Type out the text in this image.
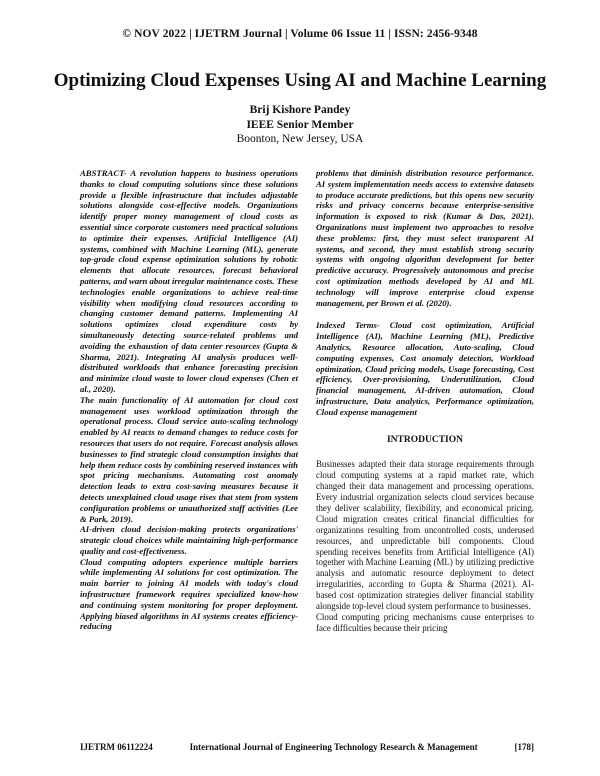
© NOV 2022 | IJETRM Journal | Volume 06 Issue 11 | ISSN: 2456-9348
Optimizing Cloud Expenses Using AI and Machine Learning
Brij Kishore Pandey
IEEE Senior Member
Boonton, New Jersey, USA

ABSTRACT- A revolution happens to business operations thanks to cloud computing solutions since these solutions provide a flexible infrastructure that includes adjustable solutions alongside cost-effective models. Organizations identify proper money management of cloud costs as essential since corporate customers need practical solutions to optimize their expenses. Artificial Intelligence (AI) systems, combined with Machine Learning (ML), generate top-grade cloud expense optimization solutions by robotic elements that allocate resources, forecast behavioral patterns, and warn about irregular maintenance costs. These technologies enable organizations to achieve real-time visibility when modifying cloud resources according to changing customer demand patterns. Implementing AI solutions optimizes cloud expenditure costs by simultaneously detecting source-related problems and avoiding the exhaustion of data center resources (Gupta & Sharma, 2021). Integrating AI analysis produces well-distributed workloads that enhance forecasting precision and minimize cloud waste to lower cloud expenses (Chen et al., 2020).

The main functionality of AI automation for cloud cost management uses workload optimization through the operational process. Cloud service auto-scaling technology enabled by AI reacts to demand changes to reduce costs for resources that users do not require. Forecast analysis allows businesses to find strategic cloud consumption insights that help them reduce costs by combining reserved instances with spot pricing mechanisms. Automating cost anomaly detection leads to extra cost-saving measures because it detects unexplained cloud usage rises that stem from system configuration problems or unauthorized staff activities (Lee & Park, 2019).

AI-driven cloud decision-making protects organizations' strategic cloud choices while maintaining high-performance quality and cost-effectiveness.

Cloud computing adopters experience multiple barriers while implementing AI solutions for cost optimization. The main barrier to joining AI models with today's cloud infrastructure framework requires specialized know-how and continuing system monitoring for proper deployment. Applying biased algorithms in AI systems creates efficiency-reducing

problems that diminish distribution resource performance. AI system implementation needs access to extensive datasets to produce accurate predictions, but this opens new security risks and privacy concerns because enterprise-sensitive information is exposed to risk (Kumar & Das, 2021). Organizations must implement two approaches to resolve these problems: first, they must select transparent AI systems, and second, they must establish strong security systems with ongoing algorithm development for better predictive accuracy. Progressively autonomous and precise cost optimization methods developed by AI and ML technology will improve enterprise cloud expense management, per Brown et al. (2020).

Indexed Terms- Cloud cost optimization, Artificial Intelligence (AI), Machine Learning (ML), Predictive Analytics, Resource allocation, Auto-scaling, Cloud computing expenses, Cost anomaly detection, Workload optimization, Cloud pricing models, Usage forecasting, Cost efficiency, Over-provisioning, Underutilization, Cloud financial management, AI-driven automation, Cloud infrastructure, Data analytics, Performance optimization, Cloud expense management

INTRODUCTION

Businesses adapted their data storage requirements through cloud computing systems at a rapid market rate, which changed their data management and processing operations. Every industrial organization selects cloud services because they deliver scalability, flexibility, and economical pricing. Cloud migration creates critical financial difficulties for organizations resulting from uncontrolled costs, underused resources, and unpredictable bill components. Cloud spending receives benefits from Artificial Intelligence (AI) together with Machine Learning (ML) by utilizing predictive analysis and automatic resource deployment to detect irregularities, according to Gupta & Sharma (2021). AI-based cost optimization strategies deliver financial stability alongside top-level cloud system performance to businesses.

Cloud computing pricing mechanisms cause enterprises to face difficulties because their pricing

IJETRM 06112224	International Journal of Engineering Technology Research & Management	[178]
